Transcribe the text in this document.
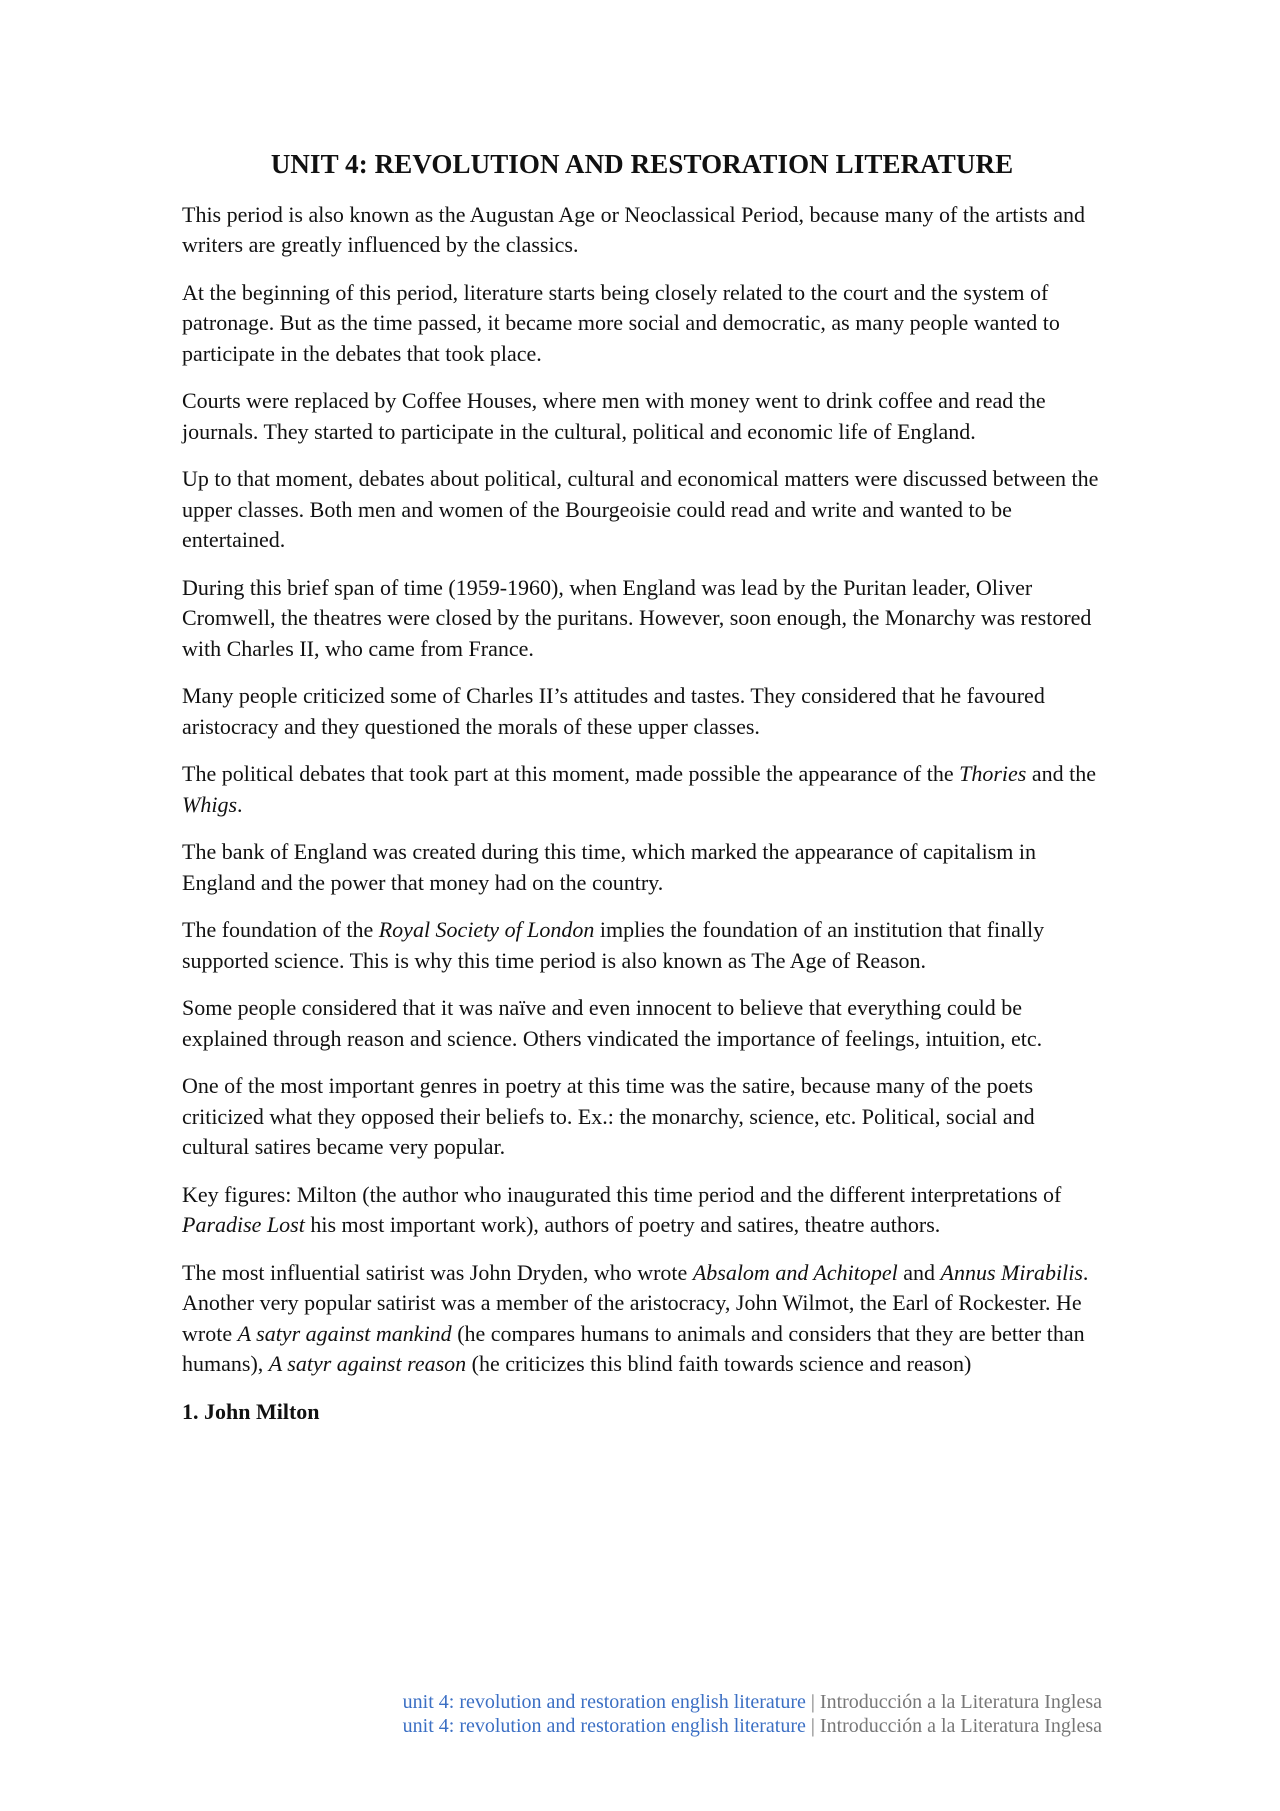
UNIT 4: REVOLUTION AND RESTORATION LITERATURE

This period is also known as the Augustan Age or Neoclassical Period, because many of the artists and writers are greatly influenced by the classics.

At the beginning of this period, literature starts being closely related to the court and the system of patronage. But as the time passed, it became more social and democratic, as many people wanted to participate in the debates that took place.

Courts were replaced by Coffee Houses, where men with money went to drink coffee and read the journals. They started to participate in the cultural, political and economic life of England.

Up to that moment, debates about political, cultural and economical matters were discussed between the upper classes. Both men and women of the Bourgeoisie could read and write and wanted to be entertained.

During this brief span of time (1959-1960), when England was lead by the Puritan leader, Oliver Cromwell, the theatres were closed by the puritans. However, soon enough, the Monarchy was restored with Charles II, who came from France.

Many people criticized some of Charles II’s attitudes and tastes. They considered that he favoured aristocracy and they questioned the morals of these upper classes.

The political debates that took part at this moment, made possible the appearance of the Thories and the Whigs.

The bank of England was created during this time, which marked the appearance of capitalism in England and the power that money had on the country.

The foundation of the Royal Society of London implies the foundation of an institution that finally supported science. This is why this time period is also known as The Age of Reason.

Some people considered that it was naïve and even innocent to believe that everything could be explained through reason and science. Others vindicated the importance of feelings, intuition, etc.

One of the most important genres in poetry at this time was the satire, because many of the poets criticized what they opposed their beliefs to. Ex.: the monarchy, science, etc. Political, social and cultural satires became very popular.

Key figures: Milton (the author who inaugurated this time period and the different interpretations of Paradise Lost his most important work), authors of poetry and satires, theatre authors.

The most influential satirist was John Dryden, who wrote Absalom and Achitopel and Annus Mirabilis. Another very popular satirist was a member of the aristocracy, John Wilmot, the Earl of Rockester. He wrote A satyr against mankind (he compares humans to animals and considers that they are better than humans), A satyr against reason (he criticizes this blind faith towards science and reason)

1. John Milton
unit 4: revolution and restoration english literature | Introducción a la Literatura Inglesa
unit 4: revolution and restoration english literature | Introducción a la Literatura Inglesa
